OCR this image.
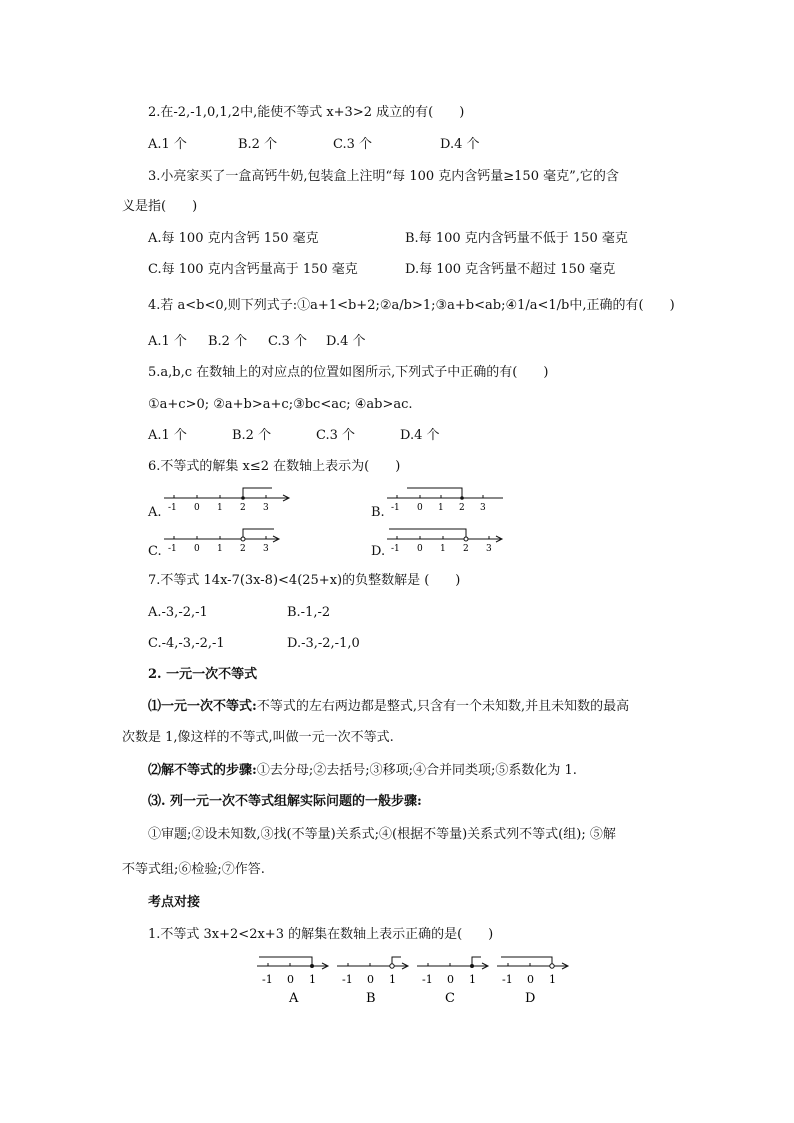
2.在-2,-1,0,1,2中,能使不等式 x+3>2 成立的有(　　)
A.1 个	B.2 个	C.3 个	D.4 个
3.小亮家买了一盒高钙牛奶,包装盒上注明“每 100 克内含钙量≥150 毫克”,它的含
义是指(　　)
A.每 100 克内含钙 150 毫克	B.每 100 克内含钙量不低于 150 毫克
C.每 100 克内含钙量高于 150 毫克	D.每 100 克含钙量不超过 150 毫克
4.若 a<b<0,则下列式子:①a+1<b+2;②a/b>1;③a+b<ab;④1/a<1/b中,正确的有(　　)
A.1 个 B.2 个 C.3 个 D.4 个
5.a,b,c 在数轴上的对应点的位置如图所示,下列式子中正确的有(　　)
①a+c>0; ②a+b>a+c;③bc<ac; ④ab>ac.
A.1 个	B.2 个	C.3 个	D.4 个
6.不等式的解集 x≤2 在数轴上表示为(　　)
A. -1 0 1 2 3	B. -1 0 1 2 3
C. -1 0 1 2 3	D. -1 0 1 2 3
7.不等式 14x-7(3x-8)<4(25+x)的负整数解是 (　　)
A.-3,-2,-1	B.-1,-2
C.-4,-3,-2,-1	D.-3,-2,-1,0
2. 一元一次不等式
⑴一元一次不等式:不等式的左右两边都是整式,只含有一个未知数,并且未知数的最高
次数是 1,像这样的不等式,叫做一元一次不等式.
⑵解不等式的步骤:①去分母;②去括号;③移项;④合并同类项;⑤系数化为 1.
⑶. 列一元一次不等式组解实际问题的一般步骤:
①审题;②设未知数,③找(不等量)关系式;④(根据不等量)关系式列不等式(组); ⑤解
不等式组;⑥检验;⑦作答.
考点对接
1.不等式 3x+2<2x+3 的解集在数轴上表示正确的是(　　)
-1 0 1
A
-1 0 1
B
-1 0 1
C
-1 0 1
D
